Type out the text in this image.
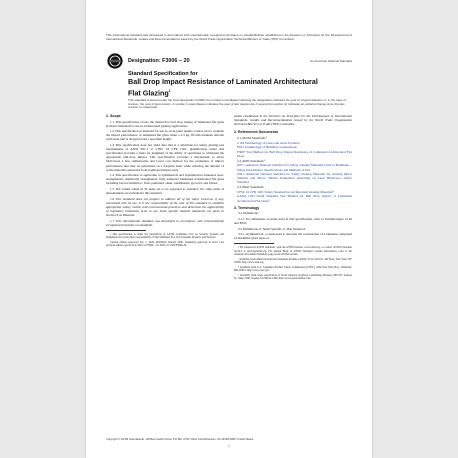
This international standard was developed in accordance with internationally recognized principles on standardization established in the Decision on Principles for the Development of International Standards, Guides and Recommendations issued by the World Trade Organization Technical Barriers to Trade (TBT) Committee.
Designation: F3006 − 20	An American National Standard
Standard Specification for
Ball Drop Impact Resistance of Laminated Architectural Flat Glazing$^1$
This standard is issued under the fixed designation F3006; the number immediately following the designation indicates the year of original adoption or, in the case of revision, the year of last revision. A number in parentheses indicates the year of last reapproval. A superscript epsilon (ε) indicates an editorial change since the last revision or reapproval.
1. Scope

1.1 This specification covers the destructive ball drop testing of laminated flat glass products intended for use in architectural glazing applications.

1.2 This specification is intended for use as an in-plant quality control test to evaluate the impact performance of laminated flat glass when a 2.3 kg, 83 mm diameter smooth solid steel ball is dropped from a specified height.

1.3 This specification does not yield data that is a substitute for safety glazing test requirements of ANSI Z97.1 or CPSC 16 CFR 1201. Qualification under this specification provides a basis for judgment of the ability of specimens to withstand the appropriate ball-drop impact. This specification provides a mechanism to allow fabricators a less cumbersome and lower cost method for the evaluation of impact performance that may be performed on a frequent basis while reducing the amount of waste materials generated from traditional impact tests.

1.4 This specification is applicable to symmetrical and asymmetrical annealed, heat-strengthened, chemically strengthened, fully tempered laminated architectural flat glass including but not limited to: float, patterned, sheet, sandblasted, grooved, and fritted.

1.5 The values stated in SI units are to be regarded as standard. No other units of measurement are included in this standard.

1.6 This standard does not purport to address all of the safety concerns, if any, associated with its use. It is the responsibility of the user of this standard to establish appropriate safety, health, and environmental practices and determine the applicability of regulatory limitations prior to use. Some specific hazards statements are given in Section 8 on Hazards.

1.7 This international standard was developed in accordance with internationally recognized principles on standardi-

¹ This specification is under the jurisdiction of ASTM Committee E12 on Security Systems and Equipment and is the direct responsibility of Subcommittee F12.10 on Systems Products and Services.

Current edition approved Jan. 1, 2020. Published January 2020. Originally approved in 2013. Last previous edition approved in 2016 as F3006 – 16. DOI: 10.1520/F3006-20.

zation established in the Decision on Principles for the Development of International Standards, Guides and Recommendations issued by the World Trade Organization Technical Barriers to Trade (TBT) Committee.

2. Referenced Documents

2.1 ASTM Standards:²

C162 Terminology of Glass and Glass Products

E631 Terminology of Building Constructions

F3007 Test Method for Ball Drop Impact Resistance of Laminated Architectural Flat Glass

2.2 ANSI Standards:³

Z97.1 American National Standard for Safety Glazing Materials Used in Buildings—Safety Performance Specifications and Methods of Test

Z26.1 American National Standard for Safety Glazing Materials for Glazing Motor Vehicles and Motor Vehicle Equipment Operating on Land Highways—Safety Standard

2.3 Other Standards:

CPSC 16 CFR 1201 Safety Standard for Architectural Glazing Materials⁴

GANA LSD 04-09 Standard Test Method for Ball Drop Impact of Laminated Architectural Flat Glass⁵

3. Terminology

3.1 Definitions:

3.1.1 For definitions of terms used in this specification, refer to Terminologies C162 and E631.

3.2 Definitions of Terms Specific to This Standard:

3.2.1 asymmetrical—a term used to describe the construction of a laminate comprised of dissimilar glass types or

² For referenced ASTM standards, visit the ASTM website, www.astm.org, or contact ASTM Customer Service at service@astm.org. For Annual Book of ASTM Standards volume information, refer to the standard's Document Summary page on the ASTM website.

³ Available from American National Standards Institute (ANSI), 25 W. 43rd St., 4th Floor, New York, NY 10036, http://www.ansi.org.

⁴ Available from U.S. Consumer Product Safety Commission (CPSC), 4330 East West Hwy., Bethesda, MD 20814, http://www.cpsc.gov.

⁵ Available from Glass Association of North America (GANA), Laminating Division, 800 SW Jackson St., Suite 1500, Topeka, KS 66612-1200, http://www.glasswebsite.com.

Copyright © ASTM International, 100 Barr Harbor Drive, PO Box C700, West Conshohocken, PA 19428-2959. United States
1
